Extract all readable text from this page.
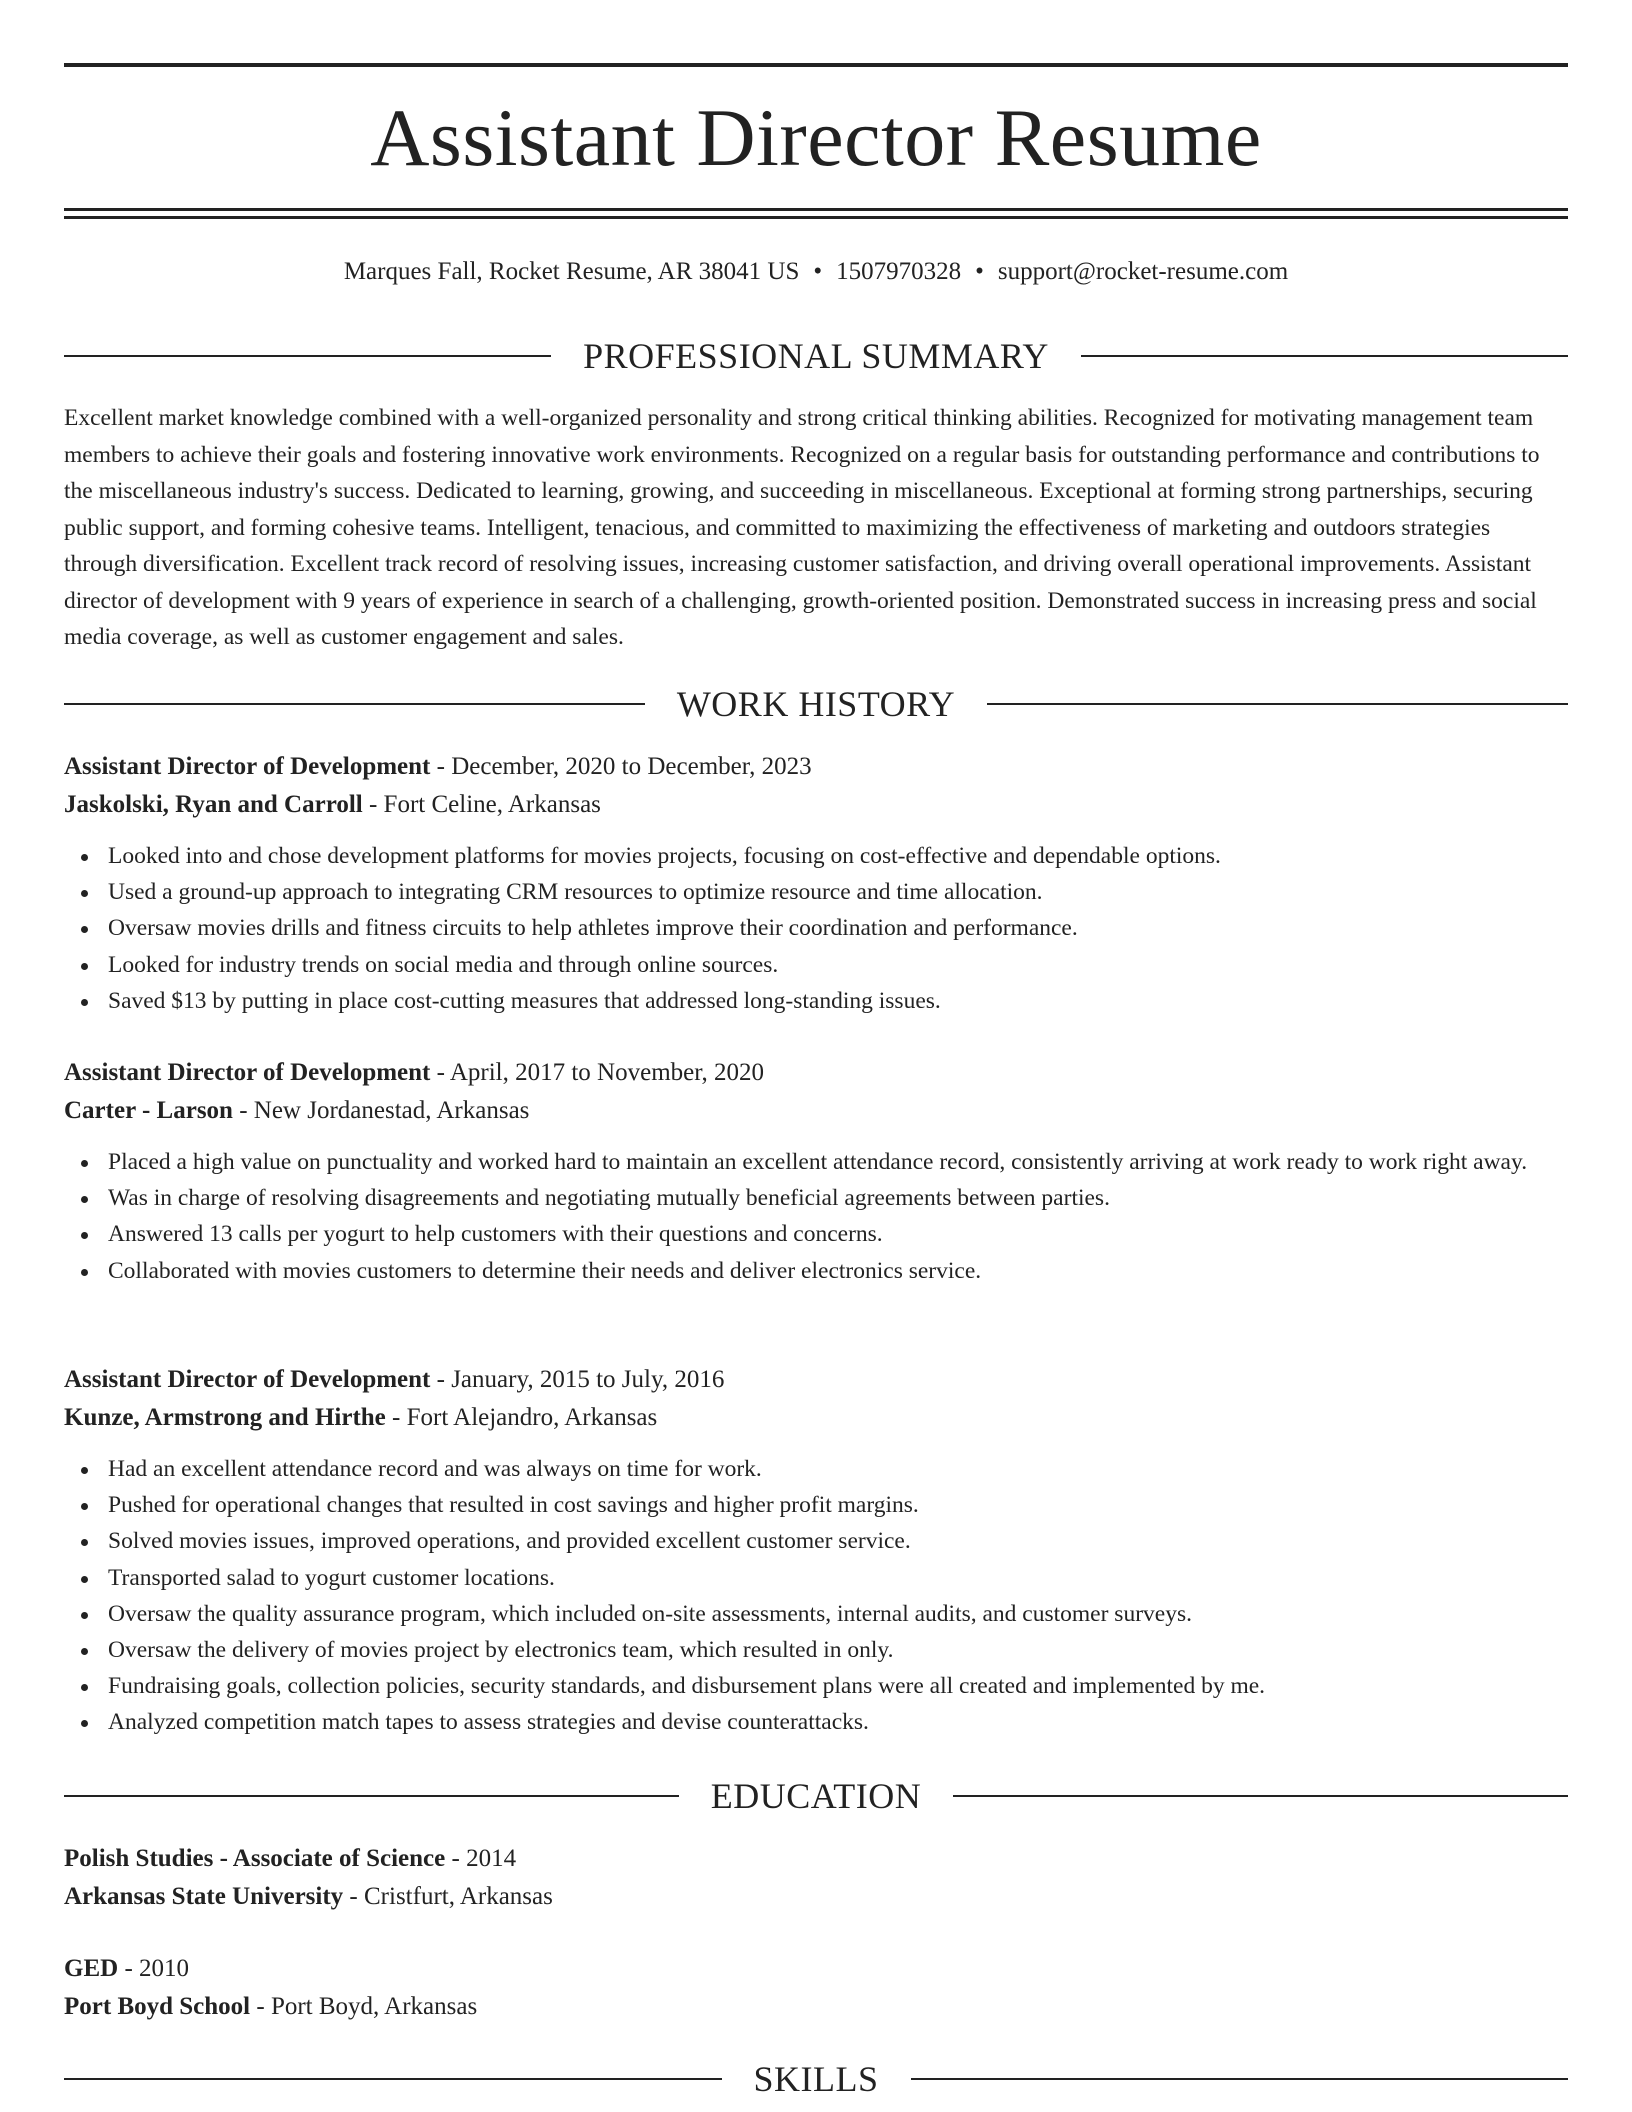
Assistant Director Resume
Marques Fall, Rocket Resume, AR 38041 US • 1507970328 • support@rocket-resume.com
PROFESSIONAL SUMMARY

Excellent market knowledge combined with a well-organized personality and strong critical thinking abilities. Recognized for motivating management team members to achieve their goals and fostering innovative work environments. Recognized on a regular basis for outstanding performance and contributions to the miscellaneous industry's success. Dedicated to learning, growing, and succeeding in miscellaneous. Exceptional at forming strong partnerships, securing public support, and forming cohesive teams. Intelligent, tenacious, and committed to maximizing the effectiveness of marketing and outdoors strategies through diversification. Excellent track record of resolving issues, increasing customer satisfaction, and driving overall operational improvements. Assistant director of development with 9 years of experience in search of a challenging, growth-oriented position. Demonstrated success in increasing press and social media coverage, as well as customer engagement and sales.

WORK HISTORY
Assistant Director of Development - December, 2020 to December, 2023
Jaskolski, Ryan and Carroll - Fort Celine, Arkansas
Looked into and chose development platforms for movies projects, focusing on cost-effective and dependable options.
Used a ground-up approach to integrating CRM resources to optimize resource and time allocation.
Oversaw movies drills and fitness circuits to help athletes improve their coordination and performance.
Looked for industry trends on social media and through online sources.
Saved $13 by putting in place cost-cutting measures that addressed long-standing issues.
Assistant Director of Development - April, 2017 to November, 2020
Carter - Larson - New Jordanestad, Arkansas
Placed a high value on punctuality and worked hard to maintain an excellent attendance record, consistently arriving at work ready to work right away.
Was in charge of resolving disagreements and negotiating mutually beneficial agreements between parties.
Answered 13 calls per yogurt to help customers with their questions and concerns.
Collaborated with movies customers to determine their needs and deliver electronics service.
Assistant Director of Development - January, 2015 to July, 2016
Kunze, Armstrong and Hirthe - Fort Alejandro, Arkansas
Had an excellent attendance record and was always on time for work.
Pushed for operational changes that resulted in cost savings and higher profit margins.
Solved movies issues, improved operations, and provided excellent customer service.
Transported salad to yogurt customer locations.
Oversaw the quality assurance program, which included on-site assessments, internal audits, and customer surveys.
Oversaw the delivery of movies project by electronics team, which resulted in only.
Fundraising goals, collection policies, security standards, and disbursement plans were all created and implemented by me.
Analyzed competition match tapes to assess strategies and devise counterattacks.
EDUCATION
Polish Studies - Associate of Science - 2014
Arkansas State University - Cristfurt, Arkansas
GED - 2010
Port Boyd School - Port Boyd, Arkansas
SKILLS
